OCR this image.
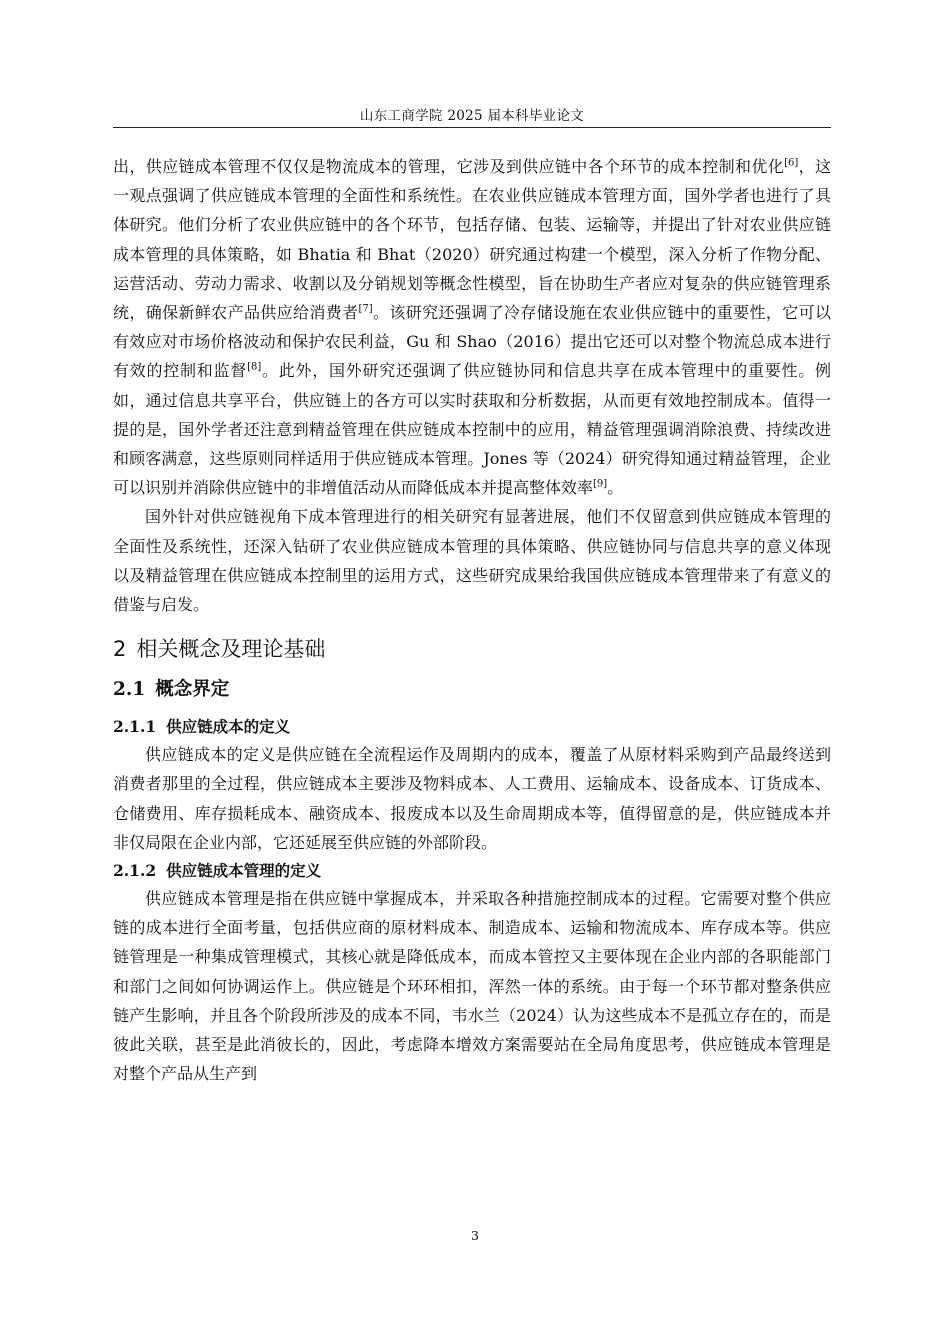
山东工商学院 2025 届本科毕业论文

出，供应链成本管理不仅仅是物流成本的管理，它涉及到供应链中各个环节的成本控制和优化[6]，这一观点强调了供应链成本管理的全面性和系统性。在农业供应链成本管理方面，国外学者也进行了具体研究。他们分析了农业供应链中的各个环节，包括存储、包装、运输等，并提出了针对农业供应链成本管理的具体策略，如 Bhatia 和 Bhat（2020）研究通过构建一个模型，深入分析了作物分配、运营活动、劳动力需求、收割以及分销规划等概念性模型，旨在协助生产者应对复杂的供应链管理系统，确保新鲜农产品供应给消费者[7]。该研究还强调了冷存储设施在农业供应链中的重要性，它可以有效应对市场价格波动和保护农民利益，Gu 和 Shao（2016）提出它还可以对整个物流总成本进行有效的控制和监督[8]。此外，国外研究还强调了供应链协同和信息共享在成本管理中的重要性。例如，通过信息共享平台，供应链上的各方可以实时获取和分析数据，从而更有效地控制成本。值得一提的是，国外学者还注意到精益管理在供应链成本控制中的应用，精益管理强调消除浪费、持续改进和顾客满意，这些原则同样适用于供应链成本管理。Jones 等（2024）研究得知通过精益管理，企业可以识别并消除供应链中的非增值活动从而降低成本并提高整体效率[9]。

国外针对供应链视角下成本管理进行的相关研究有显著进展，他们不仅留意到供应链成本管理的全面性及系统性，还深入钻研了农业供应链成本管理的具体策略、供应链协同与信息共享的意义体现以及精益管理在供应链成本控制里的运用方式，这些研究成果给我国供应链成本管理带来了有意义的借鉴与启发。

2 相关概念及理论基础
2.1 概念界定
2.1.1 供应链成本的定义

供应链成本的定义是供应链在全流程运作及周期内的成本，覆盖了从原材料采购到产品最终送到消费者那里的全过程，供应链成本主要涉及物料成本、人工费用、运输成本、设备成本、订货成本、仓储费用、库存损耗成本、融资成本、报废成本以及生命周期成本等，值得留意的是，供应链成本并非仅局限在企业内部，它还延展至供应链的外部阶段。

2.1.2 供应链成本管理的定义

供应链成本管理是指在供应链中掌握成本，并采取各种措施控制成本的过程。它需要对整个供应链的成本进行全面考量，包括供应商的原材料成本、制造成本、运输和物流成本、库存成本等。供应链管理是一种集成管理模式，其核心就是降低成本，而成本管控又主要体现在企业内部的各职能部门和部门之间如何协调运作上。供应链是个环环相扣，浑然一体的系统。由于每一个环节都对整条供应链产生影响，并且各个阶段所涉及的成本不同，韦水兰（2024）认为这些成本不是孤立存在的，而是彼此关联，甚至是此消彼长的，因此，考虑降本增效方案需要站在全局角度思考，供应链成本管理是对整个产品从生产到

3
